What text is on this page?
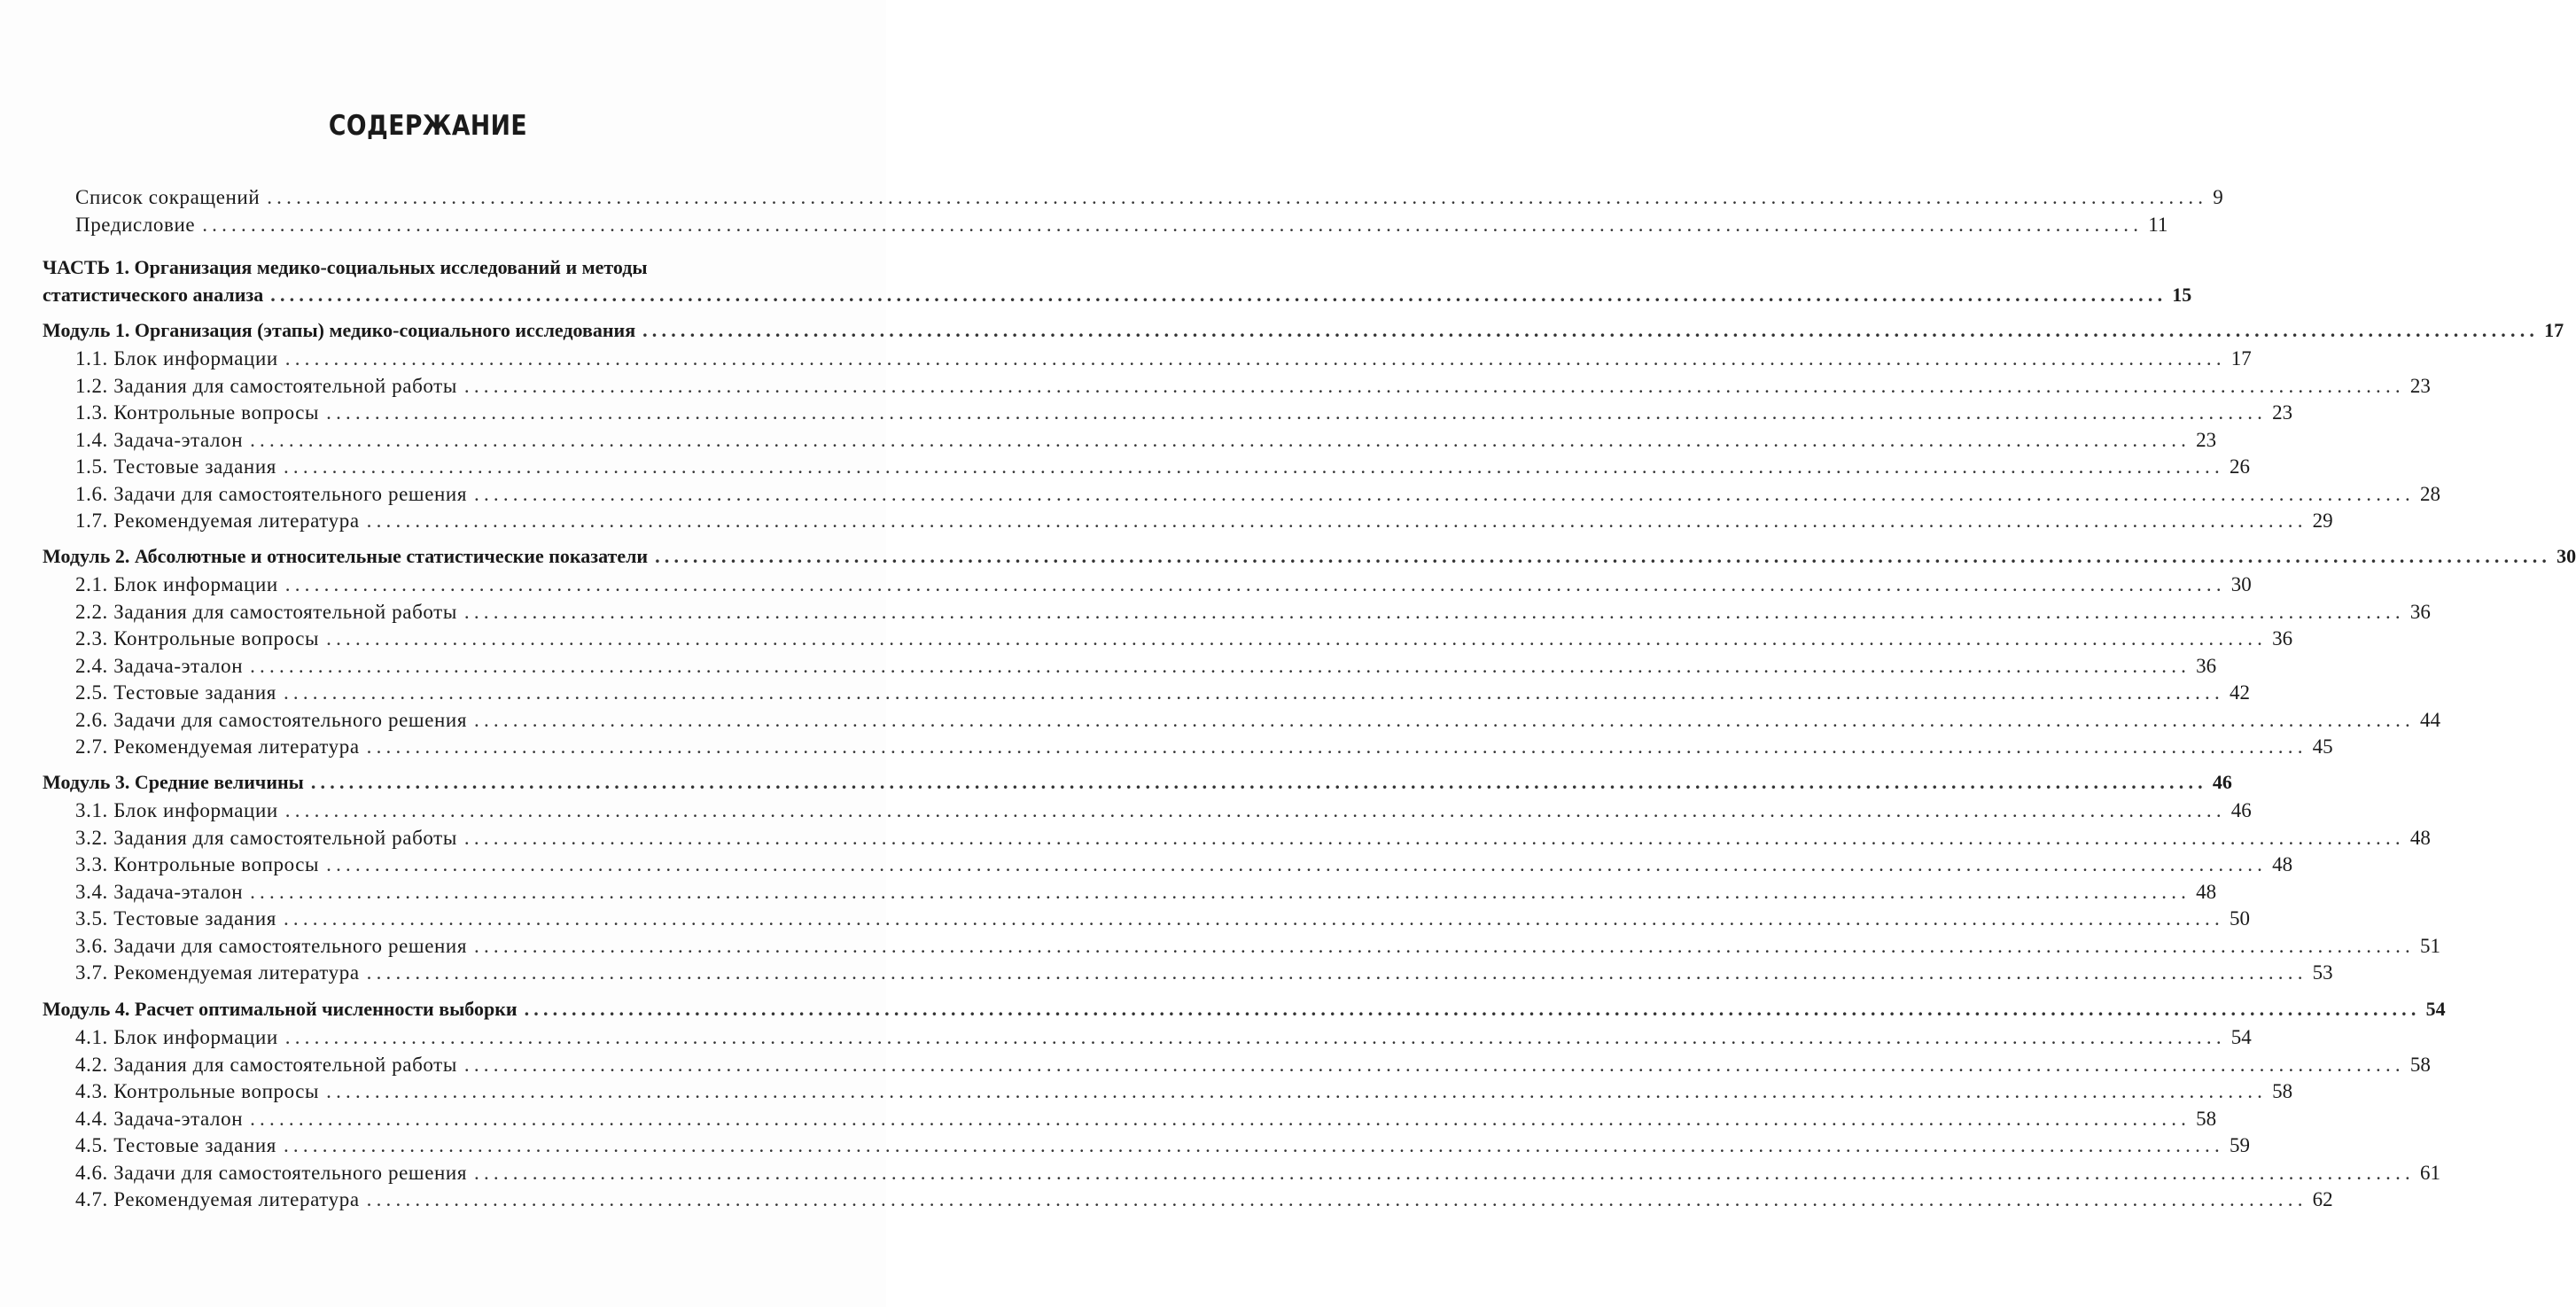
СОДЕРЖАНИЕ
Список сокращений ........................................................................................................................................................................................................ 9
Предисловие ........................................................................................................................................................................................................ 11
ЧАСТЬ 1. Организация медико-социальных исследований и методы
статистического анализа ........................................................................................................................................................................................................ 15
Модуль 1. Организация (этапы) медико-социального исследования ........................................................................................................................................................................................................ 17
1.1. Блок информации ........................................................................................................................................................................................................ 17
1.2. Задания для самостоятельной работы ........................................................................................................................................................................................................ 23
1.3. Контрольные вопросы ........................................................................................................................................................................................................ 23
1.4. Задача-эталон ........................................................................................................................................................................................................ 23
1.5. Тестовые задания ........................................................................................................................................................................................................ 26
1.6. Задачи для самостоятельного решения ........................................................................................................................................................................................................ 28
1.7. Рекомендуемая литература ........................................................................................................................................................................................................ 29
Модуль 2. Абсолютные и относительные статистические показатели ........................................................................................................................................................................................................ 30
2.1. Блок информации ........................................................................................................................................................................................................ 30
2.2. Задания для самостоятельной работы ........................................................................................................................................................................................................ 36
2.3. Контрольные вопросы ........................................................................................................................................................................................................ 36
2.4. Задача-эталон ........................................................................................................................................................................................................ 36
2.5. Тестовые задания ........................................................................................................................................................................................................ 42
2.6. Задачи для самостоятельного решения ........................................................................................................................................................................................................ 44
2.7. Рекомендуемая литература ........................................................................................................................................................................................................ 45
Модуль 3. Средние величины ........................................................................................................................................................................................................ 46
3.1. Блок информации ........................................................................................................................................................................................................ 46
3.2. Задания для самостоятельной работы ........................................................................................................................................................................................................ 48
3.3. Контрольные вопросы ........................................................................................................................................................................................................ 48
3.4. Задача-эталон ........................................................................................................................................................................................................ 48
3.5. Тестовые задания ........................................................................................................................................................................................................ 50
3.6. Задачи для самостоятельного решения ........................................................................................................................................................................................................ 51
3.7. Рекомендуемая литература ........................................................................................................................................................................................................ 53
Модуль 4. Расчет оптимальной численности выборки ........................................................................................................................................................................................................ 54
4.1. Блок информации ........................................................................................................................................................................................................ 54
4.2. Задания для самостоятельной работы ........................................................................................................................................................................................................ 58
4.3. Контрольные вопросы ........................................................................................................................................................................................................ 58
4.4. Задача-эталон ........................................................................................................................................................................................................ 58
4.5. Тестовые задания ........................................................................................................................................................................................................ 59
4.6. Задачи для самостоятельного решения ........................................................................................................................................................................................................ 61
4.7. Рекомендуемая литература ........................................................................................................................................................................................................ 62
